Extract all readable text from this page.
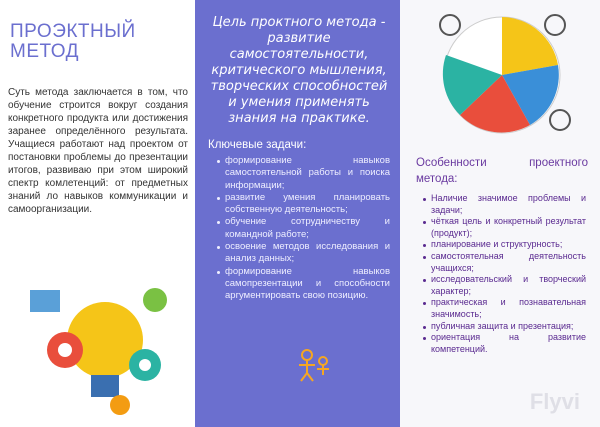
ПРОЭКТНЫЙ
МЕТОД

Суть метода заключается в том, что обучение строится вокруг создания конкретного продукта или достижения заранее определённого результата. Учащиеся работают над проектом от постановки проблемы до презентации итогов, развиваю при этом широкий спектр комлетенций: от предметных знаний ло навыков коммуникации и самоорганизации.

Цель проктного метода - развитие самостоятельности, критического мышления, творческих способностей и умения применять знания на практике.

Ключевые задачи:
формирование навыков самостоятельной работы и поиска информации;
развитие умения планировать собственную деятельность;
обучение сотрудничеству и командной работе;
освоение методов исследования и анализ данных;
формирование навыков самопрезентации и способности аргументировать свою позицию.
Особенности проектного
метода:
Наличие значимое проблемы и задачи;
чёткая цель и конкретный результат (продукт);
планирование и структурность;
самостоятельная деятельность учащихся;
исследовательский и творческий характер;
практическая и познавательная значимость;
публичная защита и презентация;
ориентация на развитие компетенций.
Flyvi
